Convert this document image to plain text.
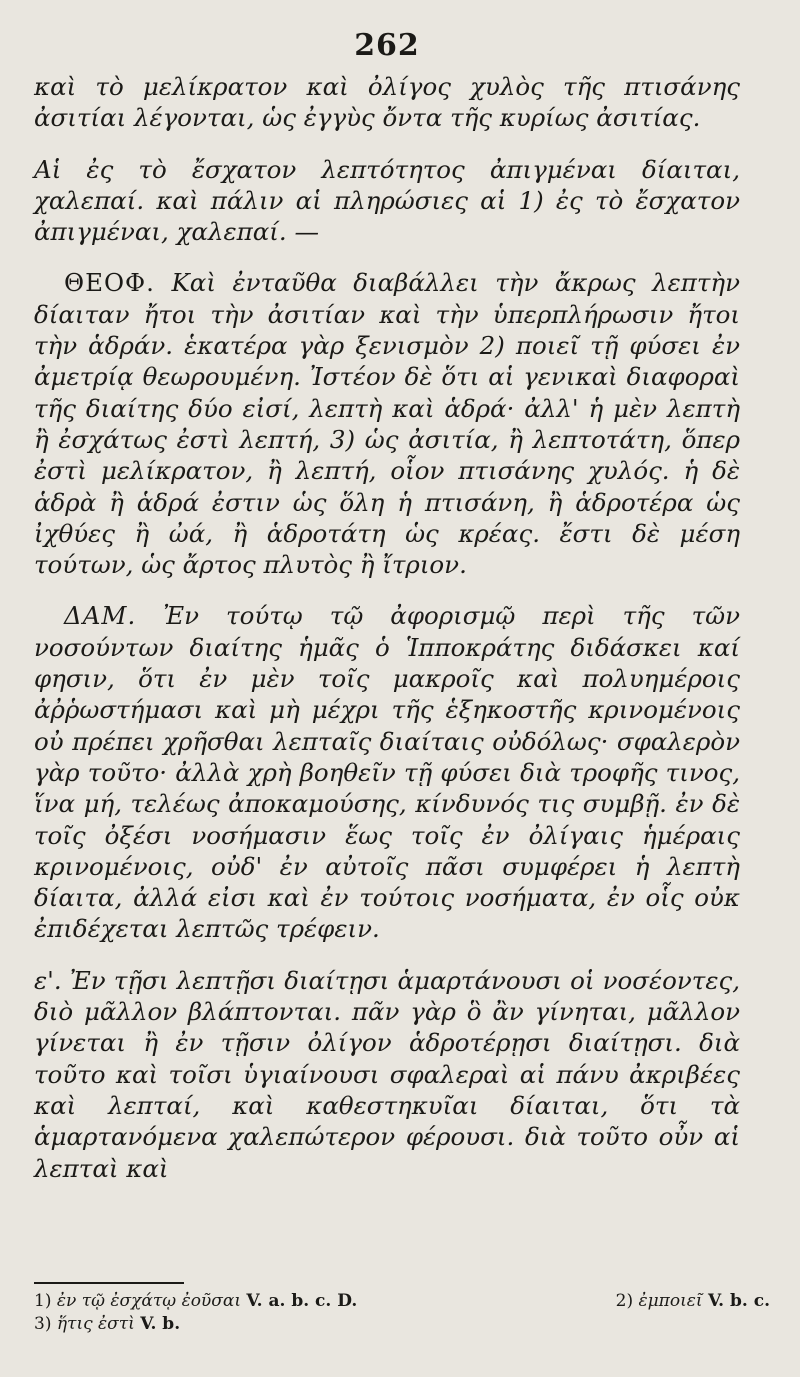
262

καὶ τὸ μελίκρατον καὶ ὀλίγος χυλὸς τῆς πτισάνης ἀσιτίαι λέγονται, ὡς ἐγγὺς ὄντα τῆς κυρίως ἀσιτίας.

Αἱ ἐς τὸ ἔσχατον λεπτότητος ἀπιγμέναι δίαιται, χαλεπαί. καὶ πάλιν αἱ πληρώσιες αἱ 1) ἐς τὸ ἔσχατον ἀπιγμέναι, χαλεπαί. —

ΘΕΟΦ. Καὶ ἐνταῦθα διαβάλλει τὴν ἄκρως λεπτὴν δίαιταν ἤτοι τὴν ἀσιτίαν καὶ τὴν ὑπερπλήρωσιν ἤτοι τὴν ἁδράν. ἑκατέρα γὰρ ξενισμὸν 2) ποιεῖ τῇ φύσει ἐν ἀμετρίᾳ θεωρουμένη. Ἰστέον δὲ ὅτι αἱ γενικαὶ διαφοραὶ τῆς διαίτης δύο εἰσί, λεπτὴ καὶ ἁδρά· ἀλλ' ἡ μὲν λεπτὴ ἢ ἐσχάτως ἐστὶ λεπτή, 3) ὡς ἀσιτία, ἢ λεπτοτάτη, ὅπερ ἐστὶ μελίκρατον, ἢ λεπτή, οἷον πτισάνης χυλός. ἡ δὲ ἁδρὰ ἢ ἁδρά ἐστιν ὡς ὅλη ἡ πτισάνη, ἢ ἁδροτέρα ὡς ἰχθύες ἢ ὠά, ἢ ἁδροτάτη ὡς κρέας. ἔστι δὲ μέση τούτων, ὡς ἄρτος πλυτὸς ἢ ἴτριον.

ΔΑΜ. Ἐν τούτῳ τῷ ἀφορισμῷ περὶ τῆς τῶν νοσούντων διαίτης ἡμᾶς ὁ Ἱπποκράτης διδάσκει καί φησιν, ὅτι ἐν μὲν τοῖς μακροῖς καὶ πολυημέροις ἀῤῥωστήμασι καὶ μὴ μέχρι τῆς ἑξηκοστῆς κρινομένοις οὐ πρέπει χρῆσθαι λεπταῖς διαίταις οὐδόλως· σφαλερὸν γὰρ τοῦτο· ἀλλὰ χρὴ βοηθεῖν τῇ φύσει διὰ τροφῆς τινος, ἵνα μή, τελέως ἀποκαμούσης, κίνδυνός τις συμβῇ. ἐν δὲ τοῖς ὀξέσι νοσήμασιν ἕως τοῖς ἐν ὀλίγαις ἡμέραις κρινομένοις, οὐδ' ἐν αὐτοῖς πᾶσι συμφέρει ἡ λεπτὴ δίαιτα, ἀλλά εἰσι καὶ ἐν τούτοις νοσήματα, ἐν οἷς οὐκ ἐπιδέχεται λεπτῶς τρέφειν.

ε'. Ἐν τῇσι λεπτῇσι διαίτῃσι ἁμαρτάνουσι οἱ νοσέοντες, διὸ μᾶλλον βλάπτονται. πᾶν γὰρ ὃ ἂν γίνηται, μᾶλλον γίνεται ἢ ἐν τῇσιν ὀλίγον ἁδροτέρῃσι διαίτῃσι. διὰ τοῦτο καὶ τοῖσι ὑγιαίνουσι σφαλεραὶ αἱ πάνυ ἀκριβέες καὶ λεπταί, καὶ καθεστηκυῖαι δίαιται, ὅτι τὰ ἁμαρτανόμενα χαλεπώτερον φέρουσι. διὰ τοῦτο οὖν αἱ λεπταὶ καὶ

1) ἐν τῷ ἐσχάτῳ ἐοῦσαι V. a. b. c. D.	2) ἐμποιεῖ V. b. c.
3) ἥτις ἐστὶ V. b.
